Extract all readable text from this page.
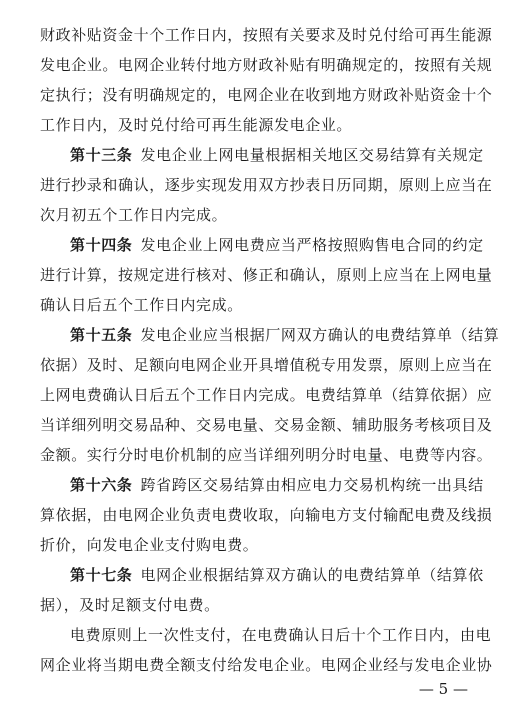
财政补贴资金十个工作日内，按照有关要求及时兑付给可再生能源
发电企业。电网企业转付地方财政补贴有明确规定的，按照有关规
定执行；没有明确规定的，电网企业在收到地方财政补贴资金十个
工作日内，及时兑付给可再生能源发电企业。
第十三条  发电企业上网电量根据相关地区交易结算有关规定
进行抄录和确认，逐步实现发用双方抄表日历同期，原则上应当在
次月初五个工作日内完成。
第十四条  发电企业上网电费应当严格按照购售电合同的约定
进行计算，按规定进行核对、修正和确认，原则上应当在上网电量
确认日后五个工作日内完成。
第十五条  发电企业应当根据厂网双方确认的电费结算单（结算
依据）及时、足额向电网企业开具增值税专用发票，原则上应当在
上网电费确认日后五个工作日内完成。电费结算单（结算依据）应
当详细列明交易品种、交易电量、交易金额、辅助服务考核项目及
金额。实行分时电价机制的应当详细列明分时电量、电费等内容。
第十六条  跨省跨区交易结算由相应电力交易机构统一出具结
算依据，由电网企业负责电费收取，向输电方支付输配电费及线损
折价，向发电企业支付购电费。
第十七条  电网企业根据结算双方确认的电费结算单（结算依
据），及时足额支付电费。
电费原则上一次性支付，在电费确认日后十个工作日内，由电
网企业将当期电费全额支付给发电企业。电网企业经与发电企业协
— 5 —
